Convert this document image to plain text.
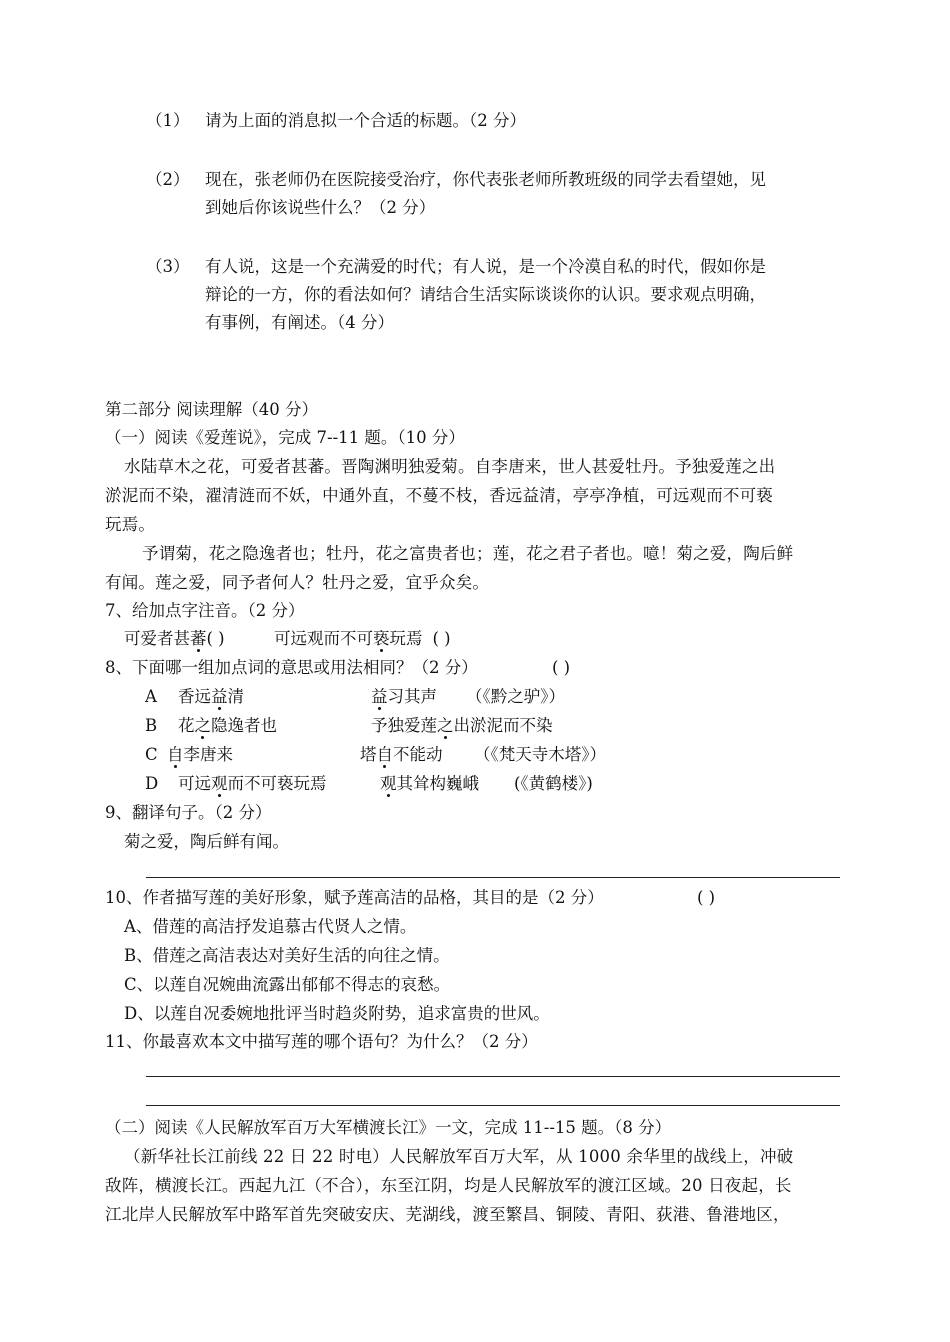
（1） 请为上面的消息拟一个合适的标题。（2 分）
（2） 现在，张老师仍在医院接受治疗，你代表张老师所教班级的同学去看望她，见
到她后你该说些什么？（2 分）
（3） 有人说，这是一个充满爱的时代；有人说，是一个冷漠自私的时代，假如你是
辩论的一方，你的看法如何？请结合生活实际谈谈你的认识。要求观点明确，
有事例，有阐述。（4 分）
第二部分 阅读理解（40 分）
（一）阅读《爱莲说》，完成 7--11 题。（10 分）
水陆草木之花，可爱者甚蕃。晋陶渊明独爱菊。自李唐来，世人甚爱牡丹。予独爱莲之出
淤泥而不染，濯清涟而不妖，中通外直，不蔓不枝，香远益清，亭亭净植，可远观而不可亵
玩焉。
予谓菊，花之隐逸者也；牡丹，花之富贵者也；莲，花之君子者也。噫！菊之爱，陶后鲜
有闻。莲之爱，同予者何人？牡丹之爱，宜乎众矣。
7、给加点字注音。（2 分）
可爱者甚蕃( )	可远观而不可亵玩焉 ( )
8、下面哪一组加点词的意思或用法相同？（2 分）	( )
A 香远益清	益习其声 （《黔之驴》）
B 花之隐逸者也	予独爱莲之出淤泥而不染
C 自李唐来	塔自不能动 （《梵天寺木塔》）
D 可远观而不可亵玩焉	观其耸构巍峨 (《黄鹤楼》)
9、翻译句子。（2 分）
菊之爱，陶后鲜有闻。
10、作者描写莲的美好形象，赋予莲高洁的品格，其目的是（2 分）	( )
A、借莲的高洁抒发追慕古代贤人之情。
B、借莲之高洁表达对美好生活的向往之情。
C、以莲自况婉曲流露出郁郁不得志的哀愁。
D、以莲自况委婉地批评当时趋炎附势，追求富贵的世风。
11、你最喜欢本文中描写莲的哪个语句？为什么？（2 分）
（二）阅读《人民解放军百万大军横渡长江》一文，完成 11--15 题。（8 分）
（新华社长江前线 22 日 22 时电）人民解放军百万大军，从 1000 余华里的战线上，冲破
敌阵，横渡长江。西起九江（不合），东至江阴，均是人民解放军的渡江区域。20 日夜起，长
江北岸人民解放军中路军首先突破安庆、芜湖线，渡至繁昌、铜陵、青阳、荻港、鲁港地区，
